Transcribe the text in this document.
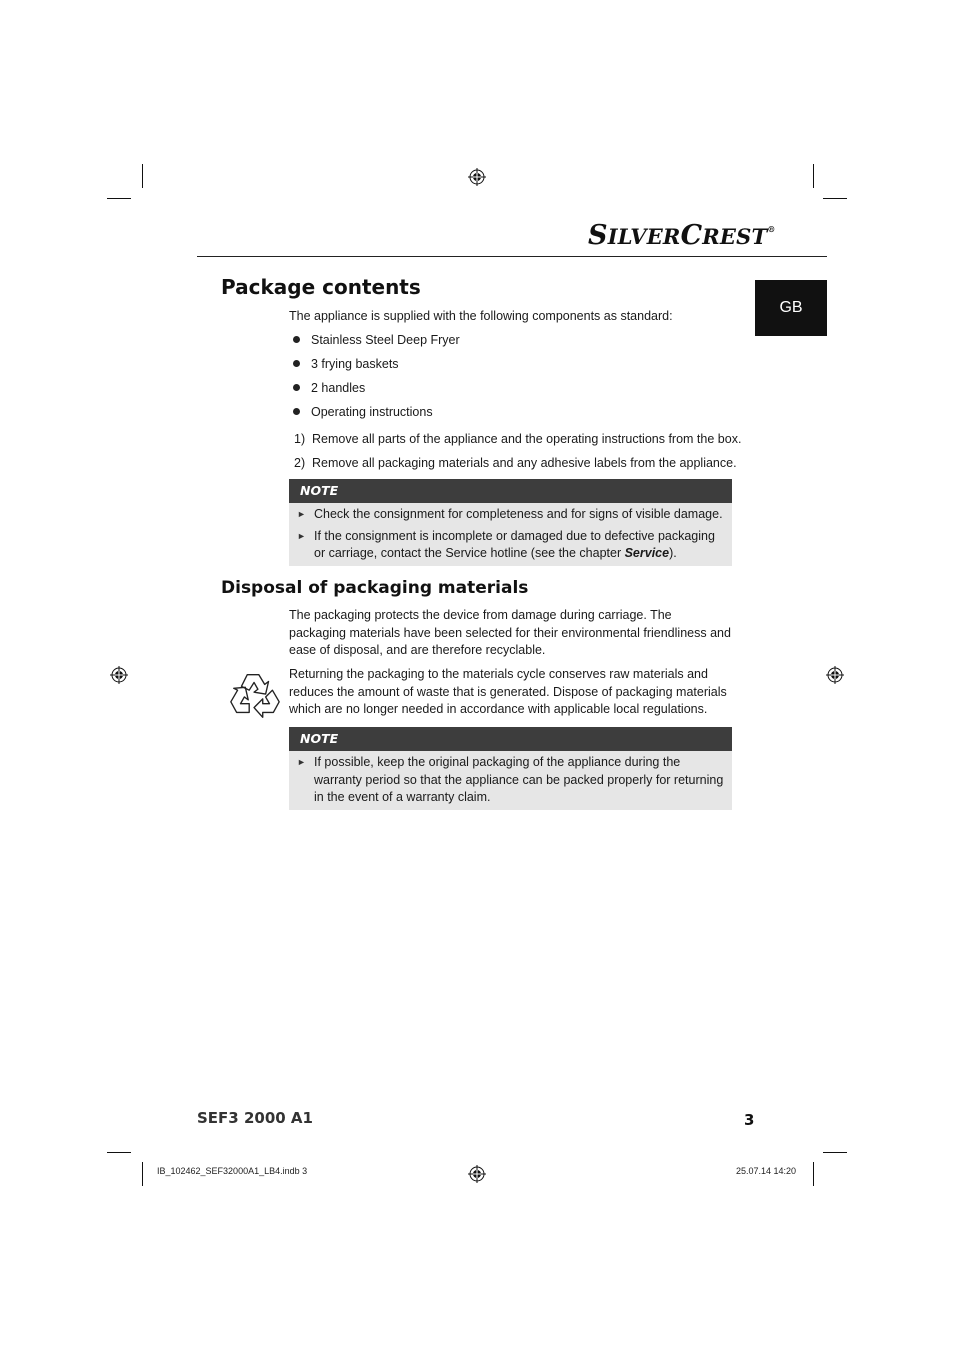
SILVERCREST®
GB
Package contents

The appliance is supplied with the following components as standard:

Stainless Steel Deep Fryer
3 frying baskets
2 handles
Operating instructions
1) Remove all parts of the appliance and the operating instructions from the box.
2) Remove all packaging materials and any adhesive labels from the appliance.
NOTE
► Check the consignment for completeness and for signs of visible damage.
► If the consignment is incomplete or damaged due to defective packaging or carriage, contact the Service hotline (see the chapter Service).
Disposal of packaging materials

The packaging protects the device from damage during carriage. The packaging materials have been selected for their environmental friendliness and ease of disposal, and are therefore recyclable.

Returning the packaging to the materials cycle conserves raw materials and reduces the amount of waste that is generated. Dispose of packaging materials which are no longer needed in accordance with applicable local regulations.

NOTE
► If possible, keep the original packaging of the appliance during the warranty period so that the appliance can be packed properly for returning in the event of a warranty claim.
SEF3 2000 A1	3
IB_102462_SEF32000A1_LB4.indb 3	25.07.14 14:20
